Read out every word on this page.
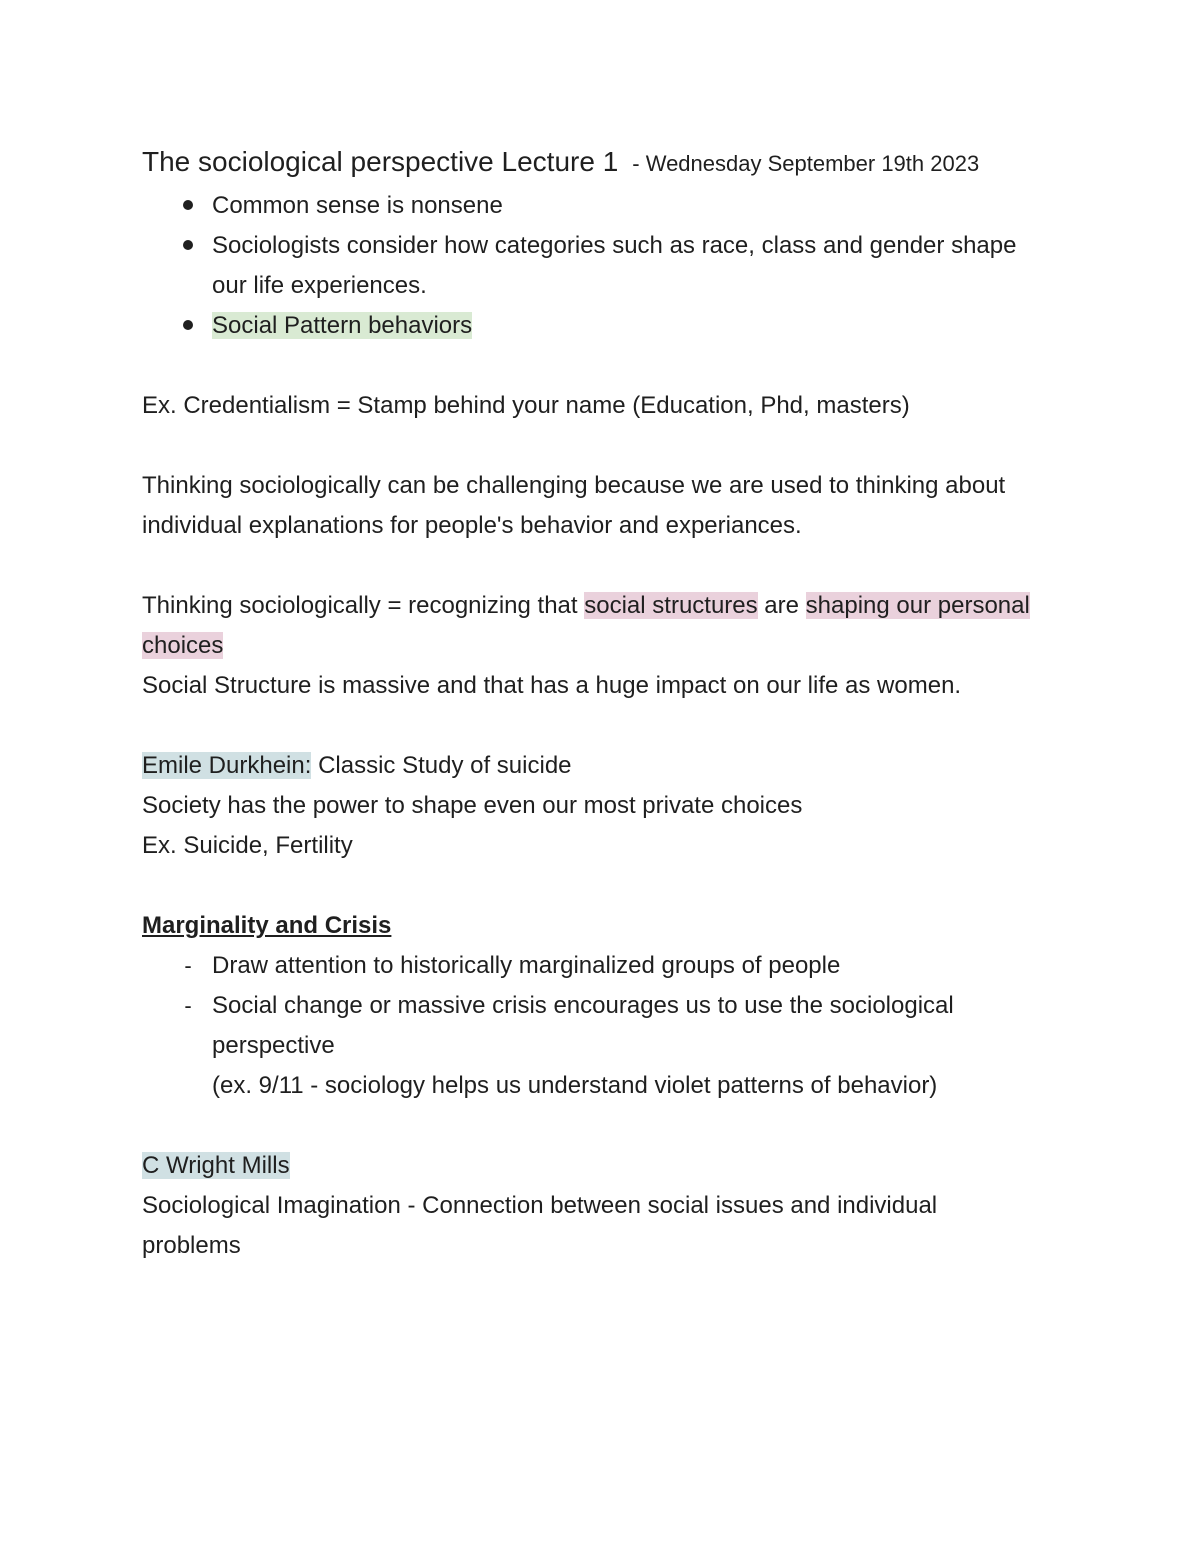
The sociological perspective Lecture 1 - Wednesday September 19th 2023
Common sense is nonsene
Sociologists consider how categories such as race, class and gender shape our life experiences.
Social Pattern behaviors

Ex. Credentialism = Stamp behind your name (Education, Phd, masters)

Thinking sociologically can be challenging because we are used to thinking about individual explanations for people's behavior and experiances.

Thinking sociologically = recognizing that social structures are shaping our personal choices

Social Structure is massive and that has a huge impact on our life as women.

Emile Durkhein: Classic Study of suicide

Society has the power to shape even our most private choices

Ex. Suicide, Fertility

Marginality and Crisis

- Draw attention to historically marginalized groups of people
- Social change or massive crisis encourages us to use the sociological perspective
(ex. 9/11 - sociology helps us understand violet patterns of behavior)

C Wright Mills

Sociological Imagination - Connection between social issues and individual problems
